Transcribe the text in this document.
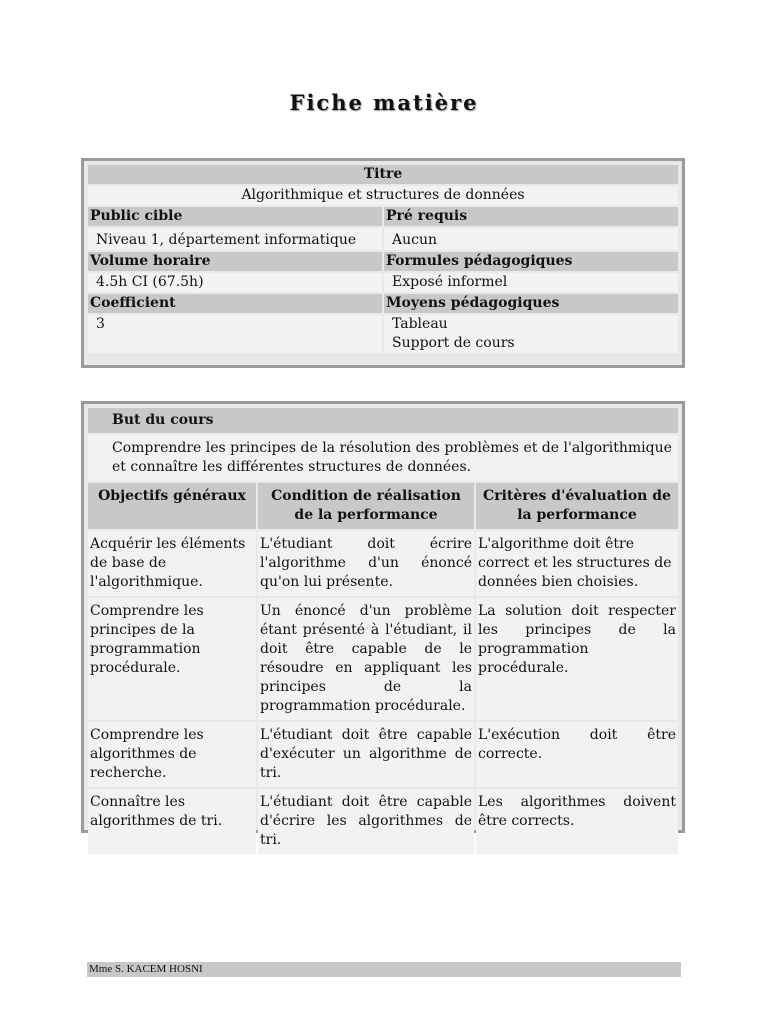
Fiche matière
Titre	
Algorithmique et structures de données	
Public cible	Pré requis
Niveau 1, département informatique	Aucun
Volume horaire	Formules pédagogiques
4.5h CI (67.5h)	Exposé informel
Coefficient	Moyens pédagogiques
3	Tableau
Support de cours
But du cours		
Comprendre les principes de la résolution des problèmes et de l'algorithmique et connaître les différentes structures de données.		
Objectifs généraux	Condition de réalisation de la performance	Critères d'évaluation de la performance
Acquérir les éléments de base de l'algorithmique.	L'étudiant doit écrire l'algorithme d'un énoncé qu'on lui présente.	L'algorithme doit être correct et les structures de données bien choisies.
Comprendre les principes de la programmation procédurale.	Un énoncé d'un problème étant présenté à l'étudiant, il doit être capable de le résoudre en appliquant les principes de la programmation procédurale.	La solution doit respecter les principes de la programmation procédurale.
Comprendre les algorithmes de recherche.	L'étudiant doit être capable d'exécuter un algorithme de tri.	L'exécution doit être correcte.
Connaître les algorithmes de tri.	L'étudiant doit être capable d'écrire les algorithmes de tri.	Les algorithmes doivent être corrects.
Mme S. KACEM HOSNI
